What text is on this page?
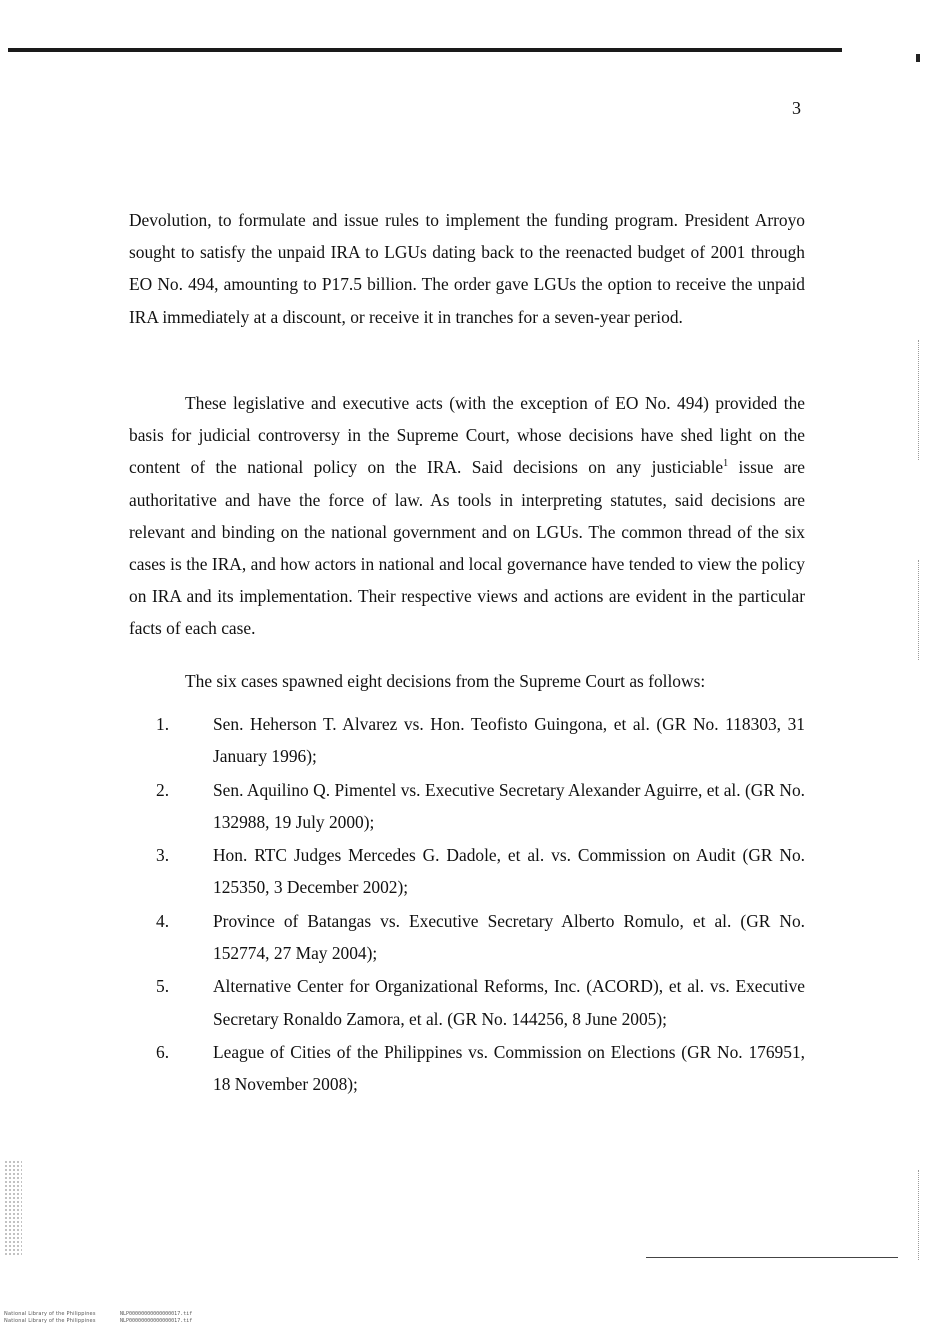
3
Devolution, to formulate and issue rules to implement the funding program. President Arroyo sought to satisfy the unpaid IRA to LGUs dating back to the reenacted budget of 2001 through EO No. 494, amounting to P17.5 billion. The order gave LGUs the option to receive the unpaid IRA immediately at a discount, or receive it in tranches for a seven-year period.
These legislative and executive acts (with the exception of EO No. 494) provided the basis for judicial controversy in the Supreme Court, whose decisions have shed light on the content of the national policy on the IRA. Said decisions on any justiciable$^1$ issue are authoritative and have the force of law. As tools in interpreting statutes, said decisions are relevant and binding on the national government and on LGUs. The common thread of the six cases is the IRA, and how actors in national and local governance have tended to view the policy on IRA and its implementation. Their respective views and actions are evident in the particular facts of each case.
The six cases spawned eight decisions from the Supreme Court as follows:
1.	Sen. Heherson T. Alvarez vs. Hon. Teofisto Guingona, et al. (GR No. 118303, 31 January 1996);
2.	Sen. Aquilino Q. Pimentel vs. Executive Secretary Alexander Aguirre, et al. (GR No. 132988, 19 July 2000);
3.	Hon. RTC Judges Mercedes G. Dadole, et al. vs. Commission on Audit (GR No. 125350, 3 December 2002);
4.	Province of Batangas vs. Executive Secretary Alberto Romulo, et al. (GR No. 152774, 27 May 2004);
5.	Alternative Center for Organizational Reforms, Inc. (ACORD), et al. vs. Executive Secretary Ronaldo Zamora, et al. (GR No. 144256, 8 June 2005);
6.	League of Cities of the Philippines vs. Commission on Elections (GR No. 176951, 18 November 2008);
National Library of the Philippines
National Library of the Philippines
NLP00000000000000017.tif
NLP00000000000000017.tif
